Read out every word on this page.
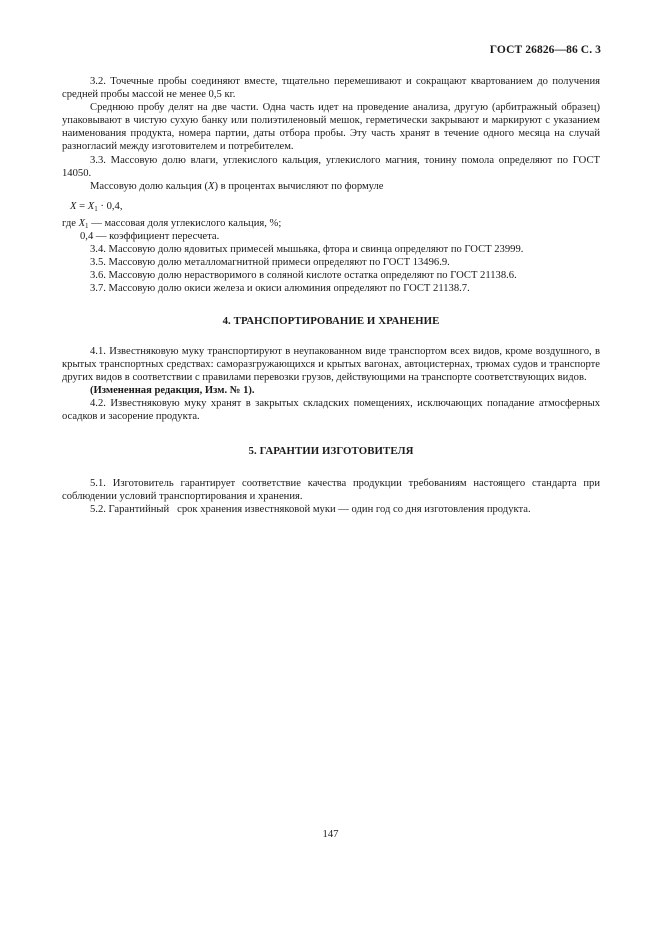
ГОСТ 26826—86 С. 3

3.2. Точечные пробы соединяют вместе, тщательно перемешивают и сокращают квартованием до получения средней пробы массой не менее 0,5 кг.

Среднюю пробу делят на две части. Одна часть идет на проведение анализа, другую (арбитражный образец) упаковывают в чистую сухую банку или полиэтиленовый мешок, герметически закрывают и маркируют с указанием наименования продукта, номера партии, даты отбора пробы. Эту часть хранят в течение одного месяца на случай разногласий между изготовителем и потребителем.

3.3. Массовую долю влаги, углекислого кальция, углекислого магния, тонину помола определяют по ГОСТ 14050.

Массовую долю кальция (X) в процентах вычисляют по формуле

$X = X_1 \cdot 0,4$,

где $X_1$ — массовая доля углекислого кальция, %;

0,4 — коэффициент пересчета.

3.4. Массовую долю ядовитых примесей мышьяка, фтора и свинца определяют по ГОСТ 23999.

3.5. Массовую долю металломагнитной примеси определяют по ГОСТ 13496.9.

3.6. Массовую долю нерастворимого в соляной кислоте остатка определяют по ГОСТ 21138.6.

3.7. Массовую долю окиси железа и окиси алюминия определяют по ГОСТ 21138.7.

4. ТРАНСПОРТИРОВАНИЕ И ХРАНЕНИЕ

4.1. Известняковую муку транспортируют в неупакованном виде транспортом всех видов, кроме воздушного, в крытых транспортных средствах: саморазгружающихся и крытых вагонах, автоцистернах, трюмах судов и транспорте других видов в соответствии с правилами перевозки грузов, действующими на транспорте соответствующих видов.

(Измененная редакция, Изм. № 1).

4.2. Известняковую муку хранят в закрытых складских помещениях, исключающих попадание атмосферных осадков и засорение продукта.

5. ГАРАНТИИ ИЗГОТОВИТЕЛЯ

5.1. Изготовитель гарантирует соответствие качества продукции требованиям настоящего стандарта при соблюдении условий транспортирования и хранения.

5.2. Гарантийный   срок хранения известняковой муки — один год со дня изготовления продукта.

147
